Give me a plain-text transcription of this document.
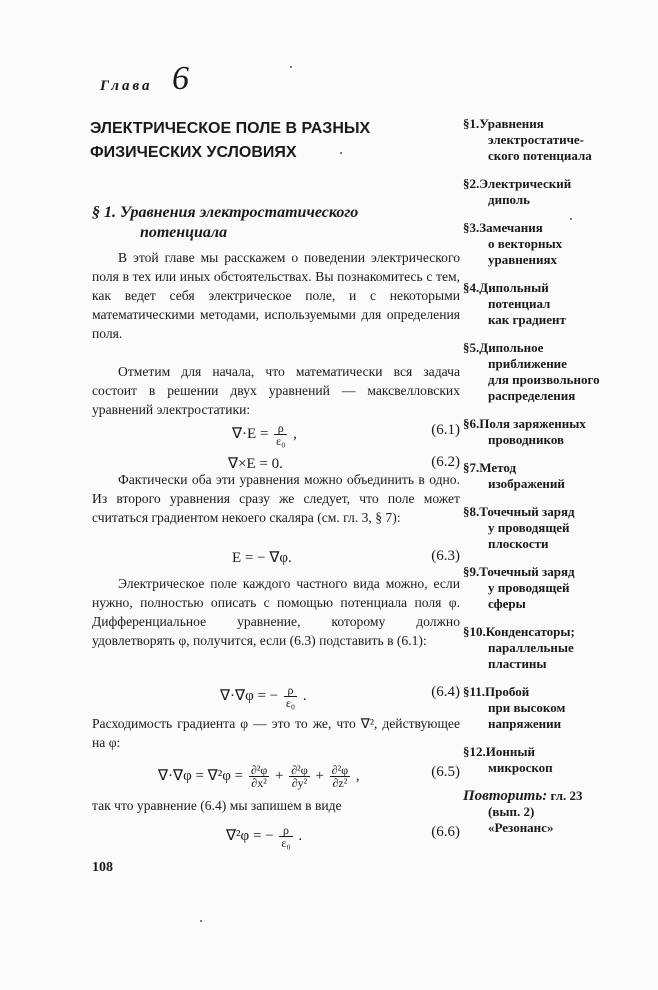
Глава 6
ЭЛЕКТРИЧЕСКОЕ ПОЛЕ В РАЗНЫХ
ФИЗИЧЕСКИХ УСЛОВИЯХ
§ 1. Уравнения электростатического
потенциала
В этой главе мы расскажем о поведении электрического поля в тех или иных обстоятельствах. Вы познакомитесь с тем, как ведет себя электрическое поле, и с некоторыми математическими методами, используемыми для определения поля.
Отметим для начала, что математически вся задача состоит в решении двух уравнений — максвелловских уравнений электростатики:
$\nabla\cdot E = \frac{\rho}{\text{ε₀}}$ ,	(6.1)
∇×E = 0.	(6.2)
Фактически оба эти уравнения можно объединить в одно. Из второго уравнения сразу же следует, что поле может считаться градиентом некоего скаляра (см. гл. 3, § 7):
E = − ∇φ.	(6.3)
Электрическое поле каждого частного вида можно, если нужно, полностью описать с помощью потенциала поля φ. Дифференциальное уравнение, которому должно удовлетворять φ, получится, если (6.3) подставить в (6.1):
∇·∇φ = − $\frac{\rho}{\text{ε₀}}$ .	(6.4)
Расходимость градиента φ — это то же, что ∇², действующее на φ:
$\nabla\cdot\nabla\varphi = \nabla^2\varphi = \frac{\text{∂²φ}}{\text{∂x²}} + \frac{\text{∂²φ}}{\text{∂y²}} + \frac{\text{∂²φ}}{\text{∂z²}}$ ,	(6.5)
так что уравнение (6.4) мы запишем в виде
∇²φ = − $\frac{\rho}{\text{ε₀}}$ .	(6.6)
§1.Уравнения
электростатиче-
ского потенциала
§2.Электрический
диполь
§3.Замечания
о векторных
уравнениях
§4.Дипольный
потенциал
как градиент
§5.Дипольное
приближение
для произвольного
распределения
§6.Поля заряженных
проводников
§7.Метод
изображений
§8.Точечный заряд
у проводящей
плоскости
§9.Точечный заряд
у проводящей
сферы
§10.Конденсаторы;
параллельные
пластины
§11.Пробой
при высоком
напряжении
§12.Ионный
микроскоп
Повторить: гл. 23
(вып. 2)
«Резонанс»
108
